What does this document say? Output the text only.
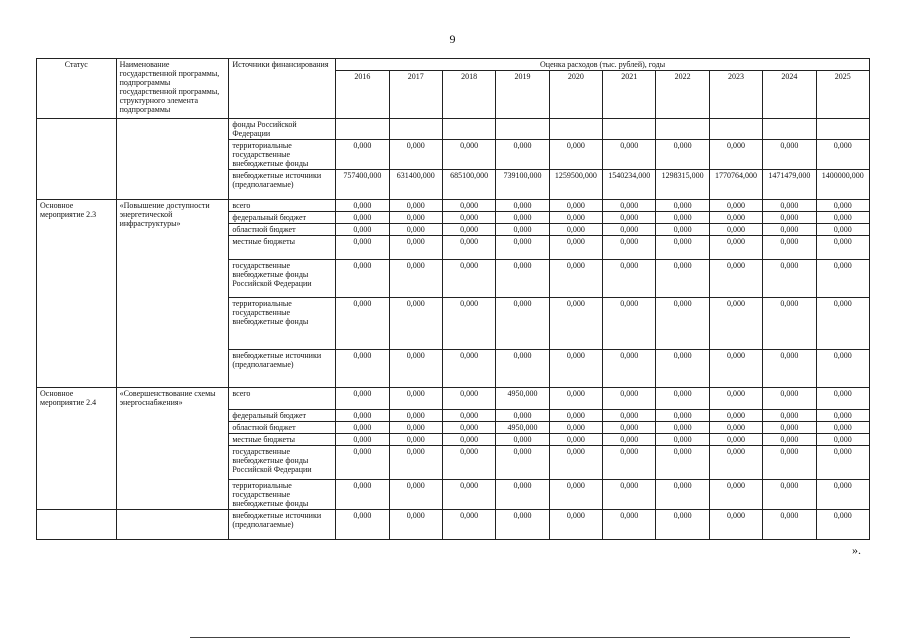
9
Статус	Наименование государственной программы, подпрограммы государственной программы, структурного элемента подпрограммы	Источники финансирования	Оценка расходов (тыс. рублей), годы									
			2016	2017	2018	2019	2020	2021	2022	2023	2024	2025
		фонды Российской Федерации										
		территориальные государственные внебюджетные фонды	0,000	0,000	0,000	0,000	0,000	0,000	0,000	0,000	0,000	0,000
		внебюджетные источники (предполагаемые)	757400,000	631400,000	685100,000	739100,000	1259500,000	1540234,000	1298315,000	1770764,000	1471479,000	1400000,000
Основное мероприятие 2.3	«Повышение доступности энергетической инфраструктуры»	всего	0,000	0,000	0,000	0,000	0,000	0,000	0,000	0,000	0,000	0,000
		федеральный бюджет	0,000	0,000	0,000	0,000	0,000	0,000	0,000	0,000	0,000	0,000
		областной бюджет	0,000	0,000	0,000	0,000	0,000	0,000	0,000	0,000	0,000	0,000
		местные бюджеты	0,000	0,000	0,000	0,000	0,000	0,000	0,000	0,000	0,000	0,000
		государственные внебюджетные фонды Российской Федерации	0,000	0,000	0,000	0,000	0,000	0,000	0,000	0,000	0,000	0,000
		территориальные государственные внебюджетные фонды	0,000	0,000	0,000	0,000	0,000	0,000	0,000	0,000	0,000	0,000
		внебюджетные источники (предполагаемые)	0,000	0,000	0,000	0,000	0,000	0,000	0,000	0,000	0,000	0,000
Основное мероприятие 2.4	«Совершенствование схемы энергоснабжения»	всего	0,000	0,000	0,000	4950,000	0,000	0,000	0,000	0,000	0,000	0,000
		федеральный бюджет	0,000	0,000	0,000	0,000	0,000	0,000	0,000	0,000	0,000	0,000
		областной бюджет	0,000	0,000	0,000	4950,000	0,000	0,000	0,000	0,000	0,000	0,000
		местные бюджеты	0,000	0,000	0,000	0,000	0,000	0,000	0,000	0,000	0,000	0,000
		государственные внебюджетные фонды Российской Федерации	0,000	0,000	0,000	0,000	0,000	0,000	0,000	0,000	0,000	0,000
		территориальные государственные внебюджетные фонды	0,000	0,000	0,000	0,000	0,000	0,000	0,000	0,000	0,000	0,000
		внебюджетные источники (предполагаемые)	0,000	0,000	0,000	0,000	0,000	0,000	0,000	0,000	0,000	0,000
».
